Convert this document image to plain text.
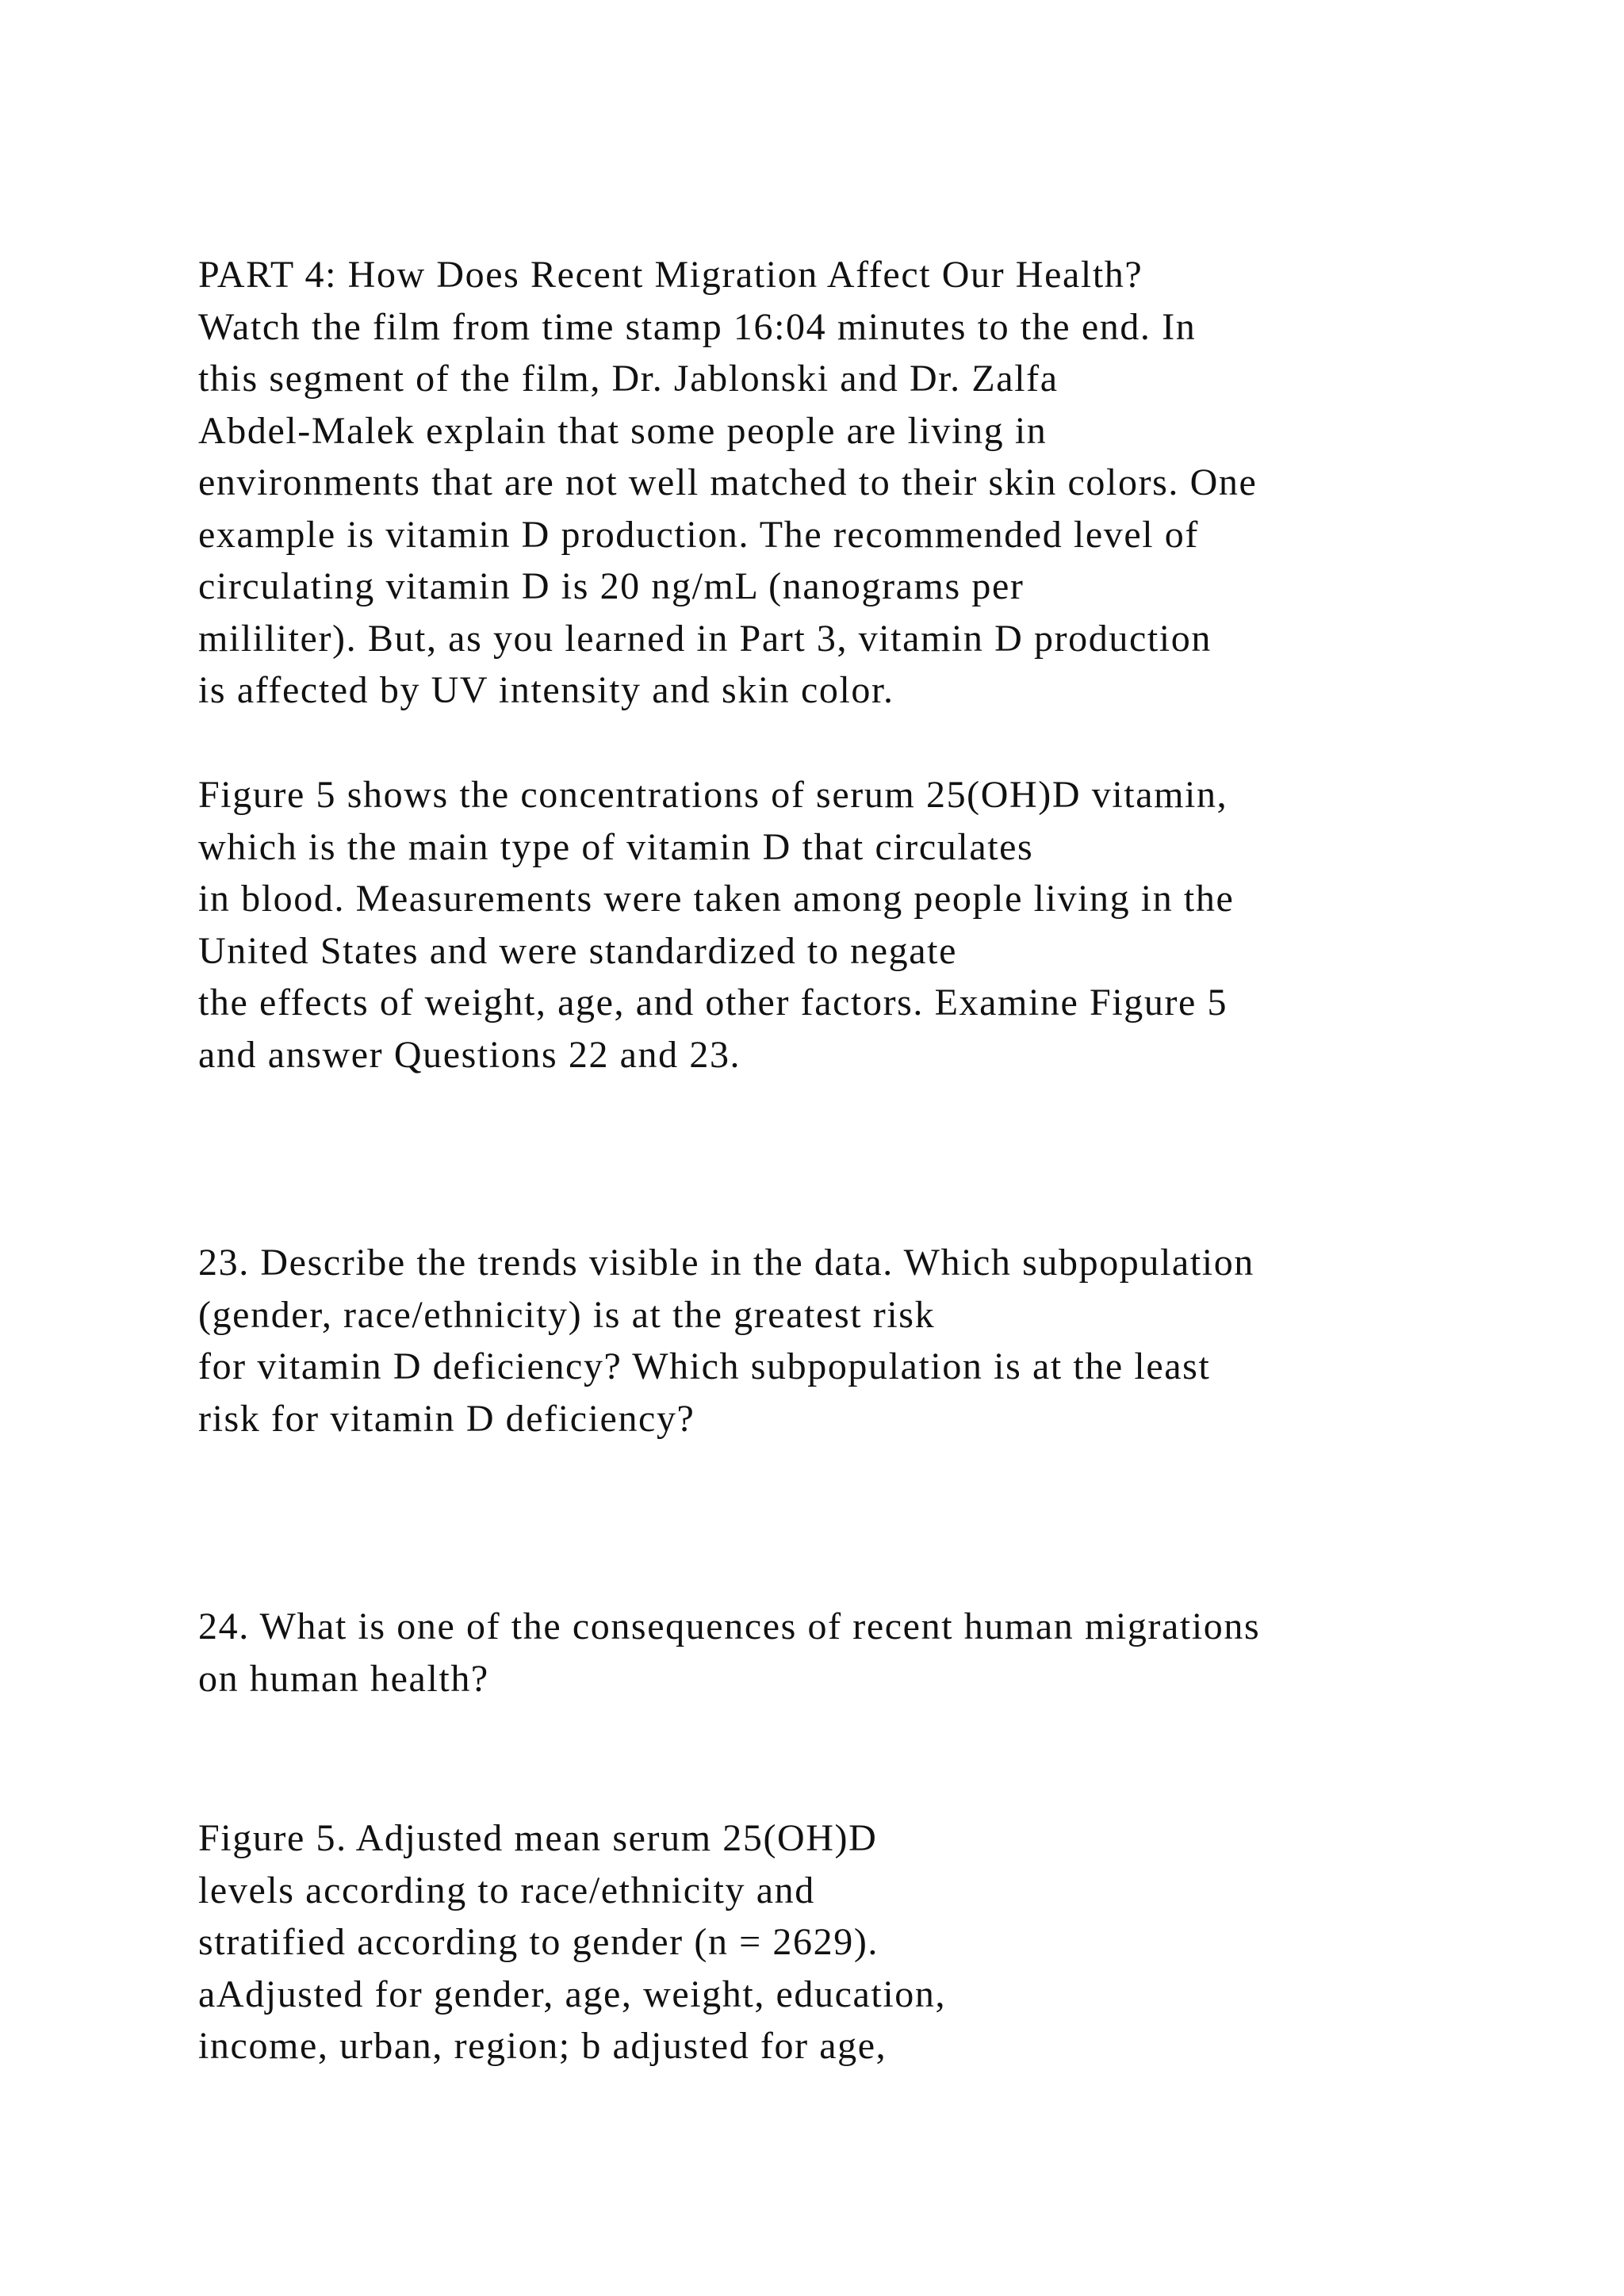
PART 4: How Does Recent Migration Affect Our Health?
Watch the film from time stamp 16:04 minutes to the end. In
this segment of the film, Dr. Jablonski and Dr. Zalfa
Abdel-Malek explain that some people are living in
environments that are not well matched to their skin colors. One
example is vitamin D production. The recommended level of
circulating vitamin D is 20 ng/mL (nanograms per
mililiter). But, as you learned in Part 3, vitamin D production
is affected by UV intensity and skin color.
Figure 5 shows the concentrations of serum 25(OH)D vitamin,
which is the main type of vitamin D that circulates
in blood. Measurements were taken among people living in the
United States and were standardized to negate
the effects of weight, age, and other factors. Examine Figure 5
and answer Questions 22 and 23.
23. Describe the trends visible in the data. Which subpopulation
(gender, race/ethnicity) is at the greatest risk
for vitamin D deficiency? Which subpopulation is at the least
risk for vitamin D deficiency?
24. What is one of the consequences of recent human migrations
on human health?
Figure 5. Adjusted mean serum 25(OH)D
levels according to race/ethnicity and
stratified according to gender (n = 2629).
aAdjusted for gender, age, weight, education,
income, urban, region; b adjusted for age,
